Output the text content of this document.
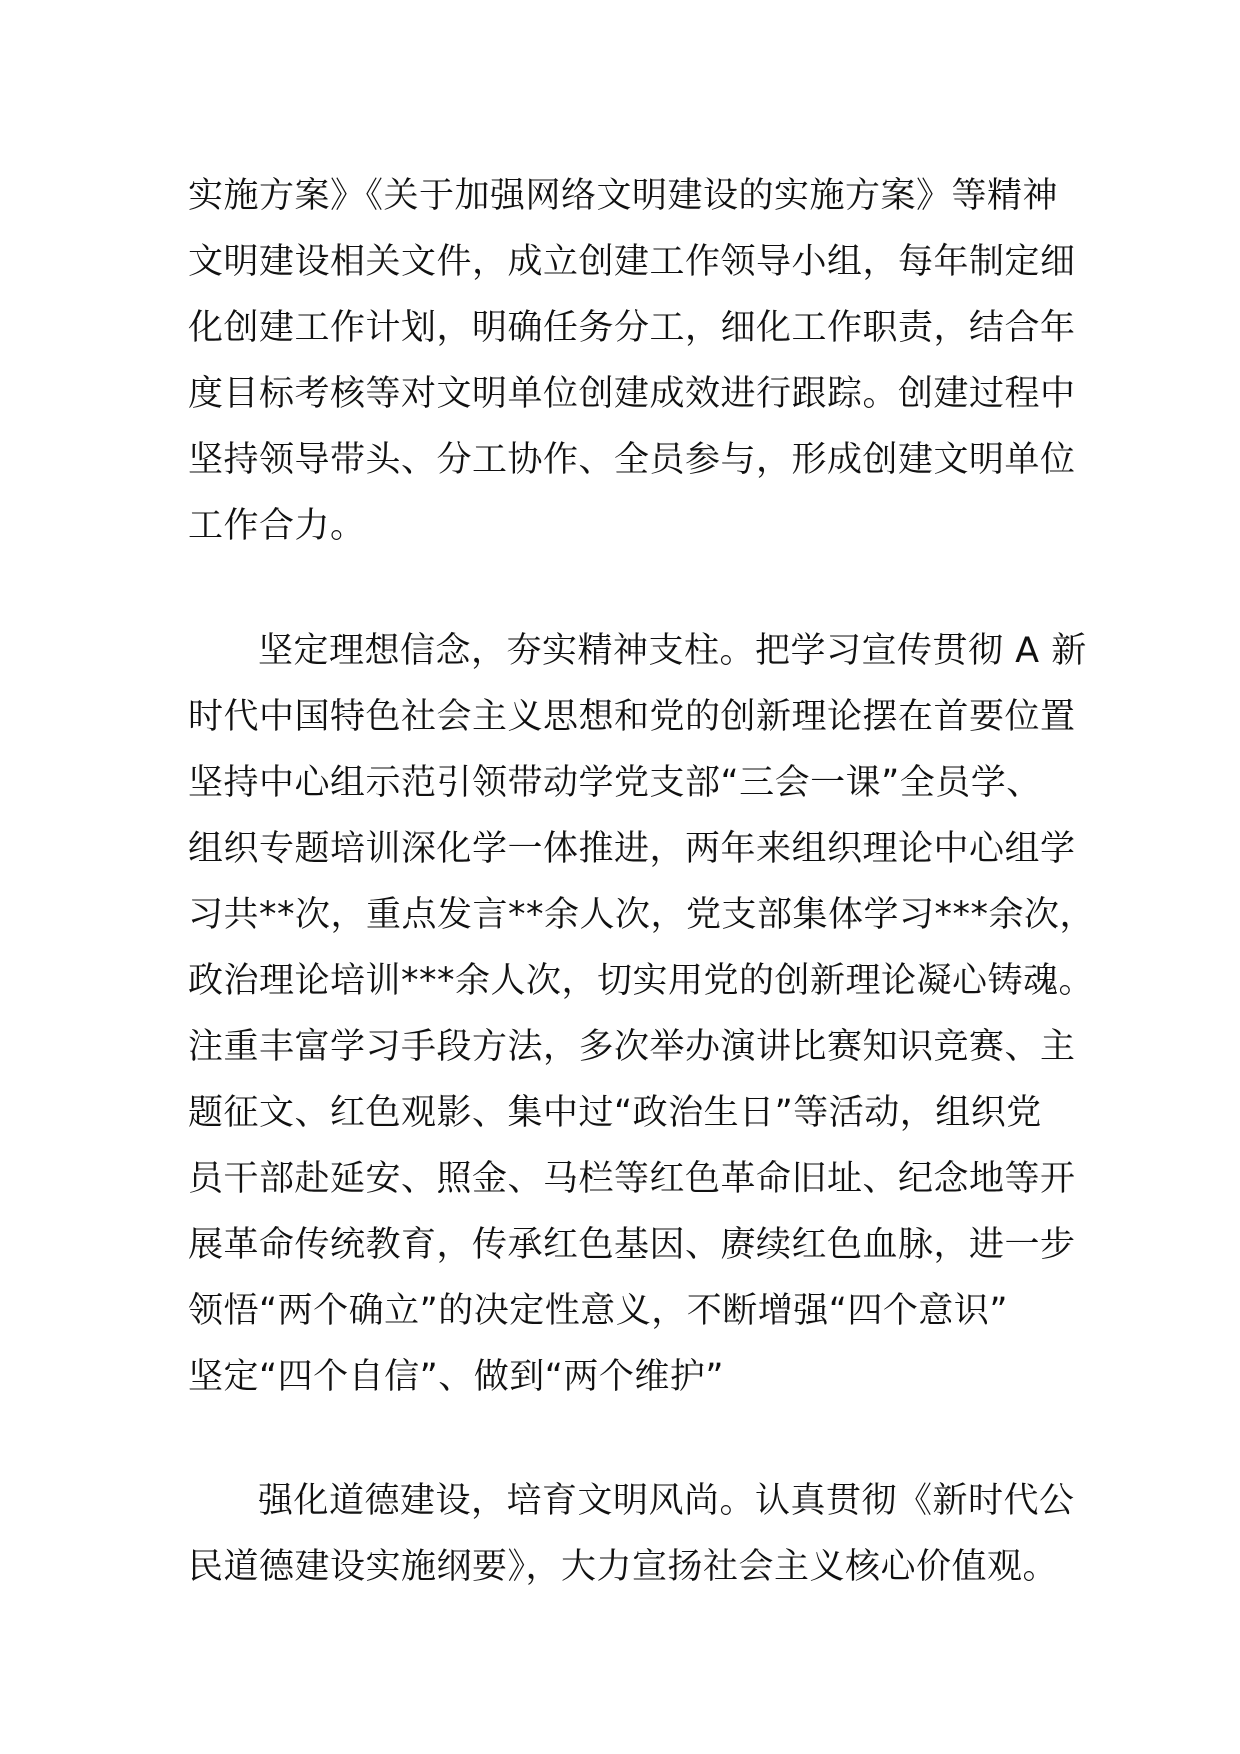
实施方案》《关于加强网络文明建设的实施方案》等精神
文明建设相关文件，成立创建工作领导小组，每年制定细
化创建工作计划，明确任务分工，细化工作职责，结合年
度目标考核等对文明单位创建成效进行跟踪。创建过程中
坚持领导带头、分工协作、全员参与，形成创建文明单位
工作合力。
坚定理想信念，夯实精神支柱。把学习宣传贯彻 A 新
时代中国特色社会主义思想和党的创新理论摆在首要位置
坚持中心组示范引领带动学党支部“三会一课”全员学、
组织专题培训深化学一体推进，两年来组织理论中心组学
习共**次，重点发言**余人次，党支部集体学习***余次，
政治理论培训***余人次，切实用党的创新理论凝心铸魂。
注重丰富学习手段方法，多次举办演讲比赛知识竞赛、主
题征文、红色观影、集中过“政治生日”等活动，组织党
员干部赴延安、照金、马栏等红色革命旧址、纪念地等开
展革命传统教育，传承红色基因、赓续红色血脉，进一步
领悟“两个确立”的决定性意义，不断增强“四个意识”
坚定“四个自信”、做到“两个维护”
强化道德建设，培育文明风尚。认真贯彻《新时代公
民道德建设实施纲要》，大力宣扬社会主义核心价值观。
